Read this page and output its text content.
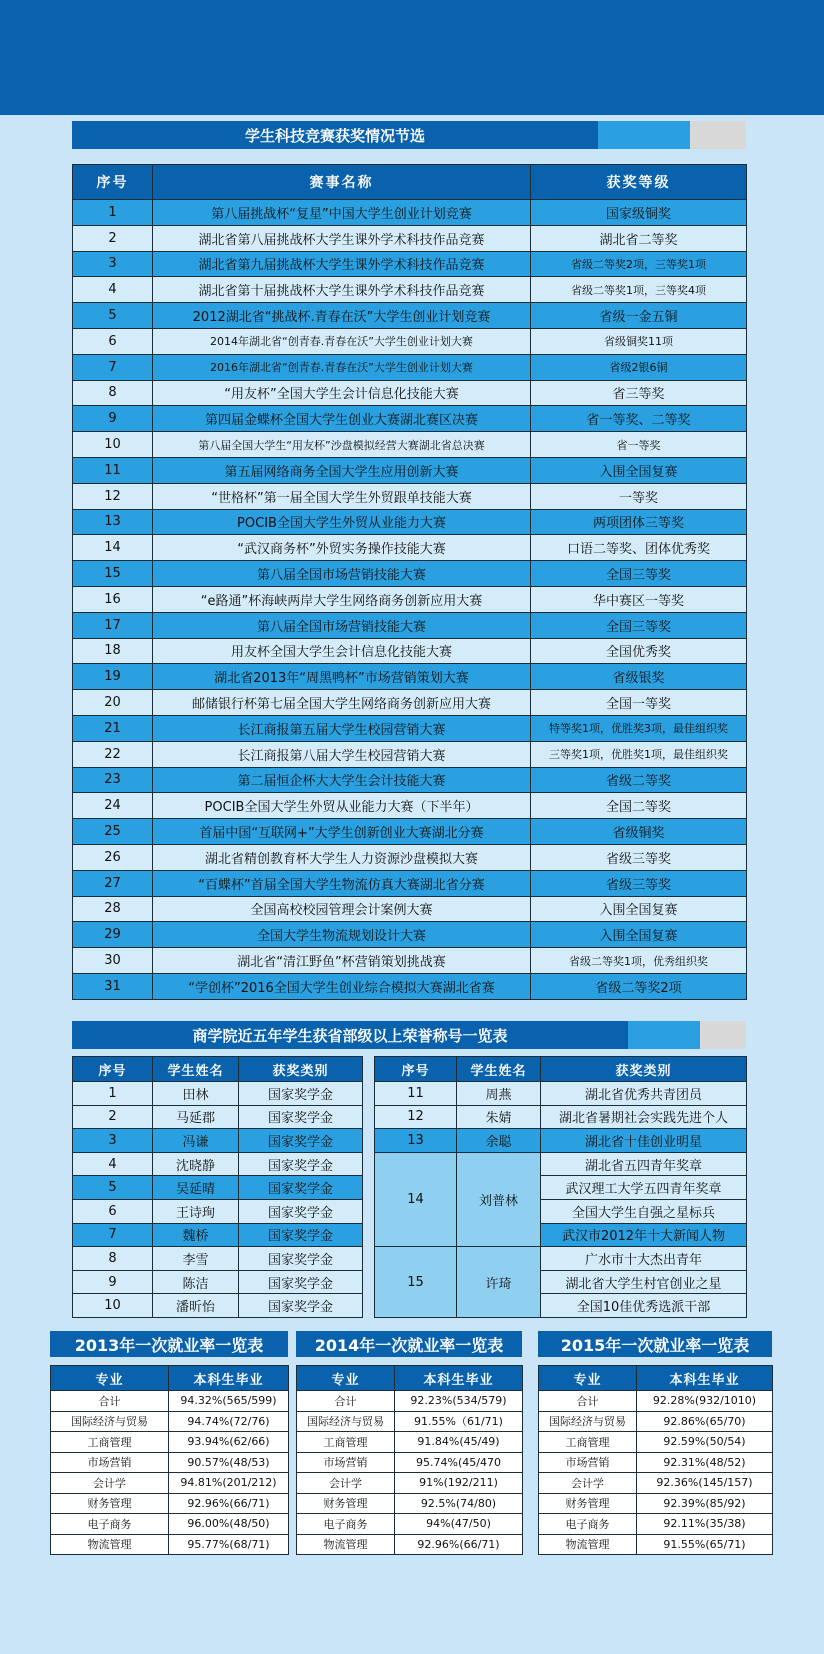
学生科技竞赛获奖情况节选
序号	赛事名称	获奖等级
1	第八届挑战杯“复星”中国大学生创业计划竞赛	国家级铜奖
2	湖北省第八届挑战杯大学生课外学术科技作品竞赛	湖北省二等奖
3	湖北省第九届挑战杯大学生课外学术科技作品竞赛	省级二等奖2项，三等奖1项
4	湖北省第十届挑战杯大学生课外学术科技作品竞赛	省级二等奖1项，三等奖4项
5	2012湖北省“挑战杯.青春在沃”大学生创业计划竞赛	省级一金五铜
6	2014年湖北省“创青春.青春在沃”大学生创业计划大赛	省级铜奖11项
7	2016年湖北省“创青春.青春在沃”大学生创业计划大赛	省级2银6铜
8	“用友杯”全国大学生会计信息化技能大赛	省三等奖
9	第四届金蝶杯全国大学生创业大赛湖北赛区决赛	省一等奖、二等奖
10	第八届全国大学生“用友杯”沙盘模拟经营大赛湖北省总决赛	省一等奖
11	第五届网络商务全国大学生应用创新大赛	入围全国复赛
12	“世格杯”第一届全国大学生外贸跟单技能大赛	一等奖
13	POCIB全国大学生外贸从业能力大赛	两项团体三等奖
14	“武汉商务杯”外贸实务操作技能大赛	口语二等奖、团体优秀奖
15	第八届全国市场营销技能大赛	全国三等奖
16	“e路通”杯海峡两岸大学生网络商务创新应用大赛	华中赛区一等奖
17	第八届全国市场营销技能大赛	全国三等奖
18	用友杯全国大学生会计信息化技能大赛	全国优秀奖
19	湖北省2013年“周黑鸭杯”市场营销策划大赛	省级银奖
20	邮储银行杯第七届全国大学生网络商务创新应用大赛	全国一等奖
21	长江商报第五届大学生校园营销大赛	特等奖1项，优胜奖3项，最佳组织奖
22	长江商报第八届大学生校园营销大赛	三等奖1项，优胜奖1项，最佳组织奖
23	第二届恒企杯大大学生会计技能大赛	省级二等奖
24	POCIB全国大学生外贸从业能力大赛（下半年）	全国二等奖
25	首届中国“互联网+”大学生创新创业大赛湖北分赛	省级铜奖
26	湖北省精创教育杯大学生人力资源沙盘模拟大赛	省级三等奖
27	“百蝶杯”首届全国大学生物流仿真大赛湖北省分赛	省级三等奖
28	全国高校校园管理会计案例大赛	入围全国复赛
29	全国大学生物流规划设计大赛	入围全国复赛
30	湖北省“清江野鱼”杯营销策划挑战赛	省级二等奖1项，优秀组织奖
31	“学创杯”2016全国大学生创业综合模拟大赛湖北省赛	省级二等奖2项
商学院近五年学生获省部级以上荣誉称号一览表
序号	学生姓名	获奖类别
1	田林	国家奖学金
2	马延郡	国家奖学金
3	冯谦	国家奖学金
4	沈晓静	国家奖学金
5	吴延晴	国家奖学金
6	王诗珣	国家奖学金
7	魏桥	国家奖学金
8	李雪	国家奖学金
9	陈洁	国家奖学金
10	潘昕怡	国家奖学金
序号	学生姓名	获奖类别
11	周燕	湖北省优秀共青团员
12	朱婧	湖北省暑期社会实践先进个人
13	余聪	湖北省十佳创业明星
14	刘普林	湖北省五四青年奖章
		武汉理工大学五四青年奖章
		全国大学生自强之星标兵
		武汉市2012年十大新闻人物
15	许琦	广水市十大杰出青年
		湖北省大学生村官创业之星
		全国10佳优秀选派干部
2013年一次就业率一览表	2014年一次就业率一览表	2015年一次就业率一览表
专业	本科生毕业
合计	94.32%(565/599)
国际经济与贸易	94.74%(72/76)
工商管理	93.94%(62/66)
市场营销	90.57%(48/53)
会计学	94.81%(201/212)
财务管理	92.96%(66/71)
电子商务	96.00%(48/50)
物流管理	95.77%(68/71)
专业	本科生毕业
合计	92.23%(534/579)
国际经济与贸易	91.55%（61/71)
工商管理	91.84%(45/49)
市场营销	95.74%(45/470
会计学	91%(192/211)
财务管理	92.5%(74/80)
电子商务	94%(47/50)
物流管理	92.96%(66/71)
专业	本科生毕业
合计	92.28%(932/1010)
国际经济与贸易	92.86%(65/70)
工商管理	92.59%(50/54)
市场营销	92.31%(48/52)
会计学	92.36%(145/157)
财务管理	92.39%(85/92)
电子商务	92.11%(35/38)
物流管理	91.55%(65/71)
